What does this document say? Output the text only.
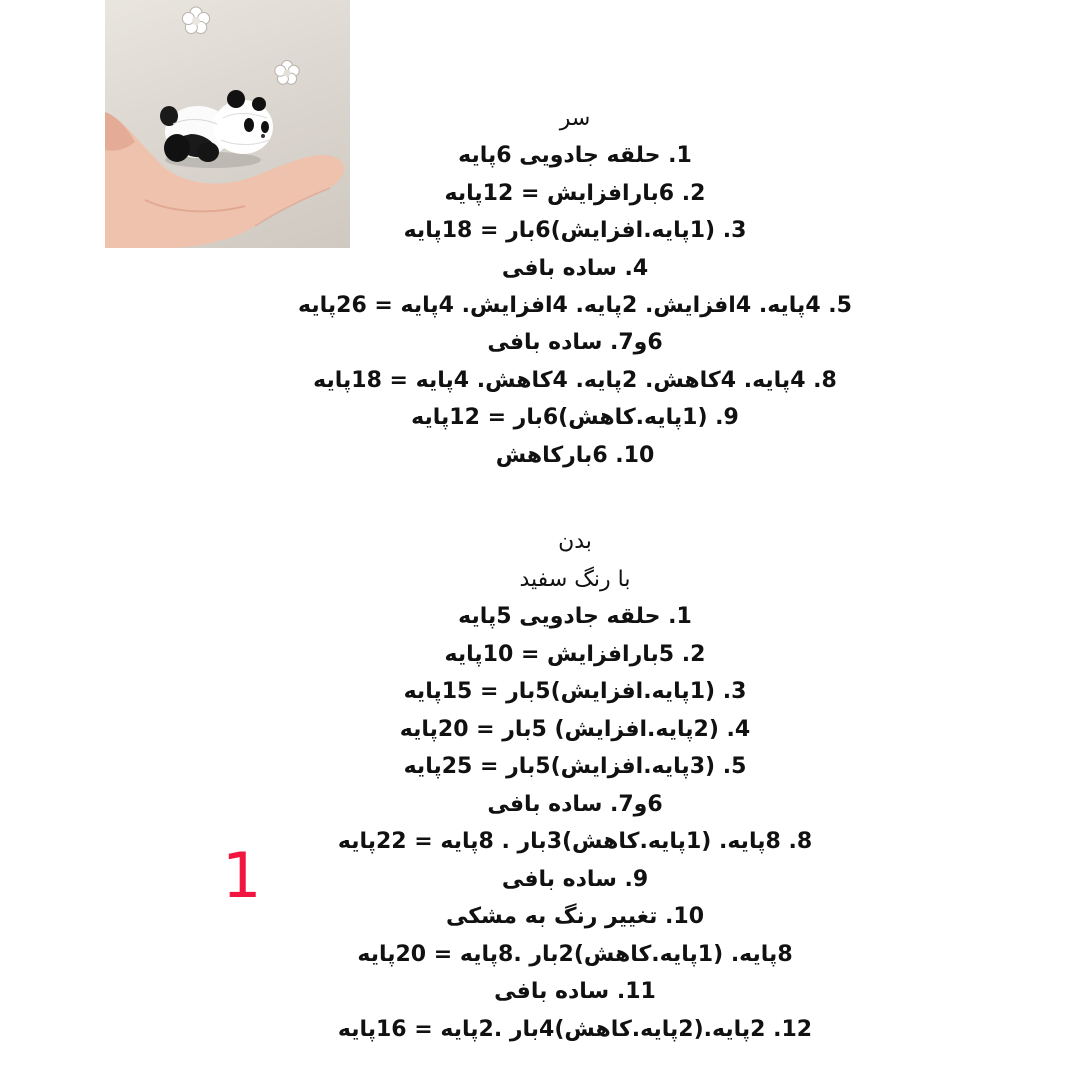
سر
1. حلقه جادویی 6پایه
2. 6بارافزایش = 12پایه
3. (1پایه.افزایش)6بار = 18پایه
4. ساده بافی
5. 4پایه. 4افزایش. 2پایه. 4افزایش. 4پایه = 26پایه
6و7. ساده بافی
8. 4پایه. 4کاهش. 2پایه. 4کاهش. 4پایه = 18پایه
9. (1پایه.کاهش)6بار = 12پایه
10. 6بارکاهش
بدن
با رنگ سفید
1. حلقه جادویی 5پایه
2. 5بارافزایش = 10پایه
3. (1پایه.افزایش)5بار = 15پایه
4. (2پایه.افزایش) 5بار = 20پایه
5. (3پایه.افزایش)5بار = 25پایه
6و7. ساده بافی
8. 8پایه. (1پایه.کاهش)3بار . 8پایه = 22پایه
9. ساده بافی
10. تغییر رنگ به مشکی
8پایه. (1پایه.کاهش)2بار .8پایه = 20پایه
11. ساده بافی
12. 2پایه.(2پایه.کاهش)4بار .2پایه = 16پایه
1
